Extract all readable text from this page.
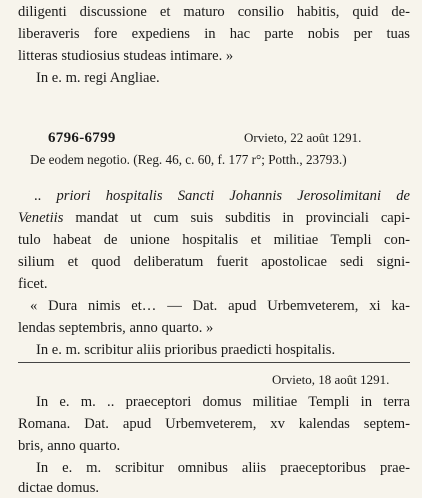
diligenti discussione et maturo consilio habitis, quid de-
liberaveris fore expediens in hac parte nobis per tuas
litteras studiosius studeas intimare. »
In e. m. regi Angliae.
6796-6799	Orvieto, 22 août 1291.
De eodem negotio. (Reg. 46, c. 60, f. 177 r°; Potth., 23793.)
.. priori hospitalis Sancti Johannis Jerosolimitani de
Venetiis mandat ut cum suis subditis in provinciali capi-
tulo habeat de unione hospitalis et militiae Templi con-
silium et quod deliberatum fuerit apostolicae sedi signi-
ficet.
« Dura nimis et… — Dat. apud Urbemveterem, xi ka-
lendas septembris, anno quarto. »
In e. m. scribitur aliis prioribus praedicti hospitalis.
Orvieto, 18 août 1291.
In e. m. .. praeceptori domus militiae Templi in terra
Romana. Dat. apud Urbemveterem, xv kalendas septem-
bris, anno quarto.
In e. m. scribitur omnibus aliis praeceptoribus prae-
dictae domus.
